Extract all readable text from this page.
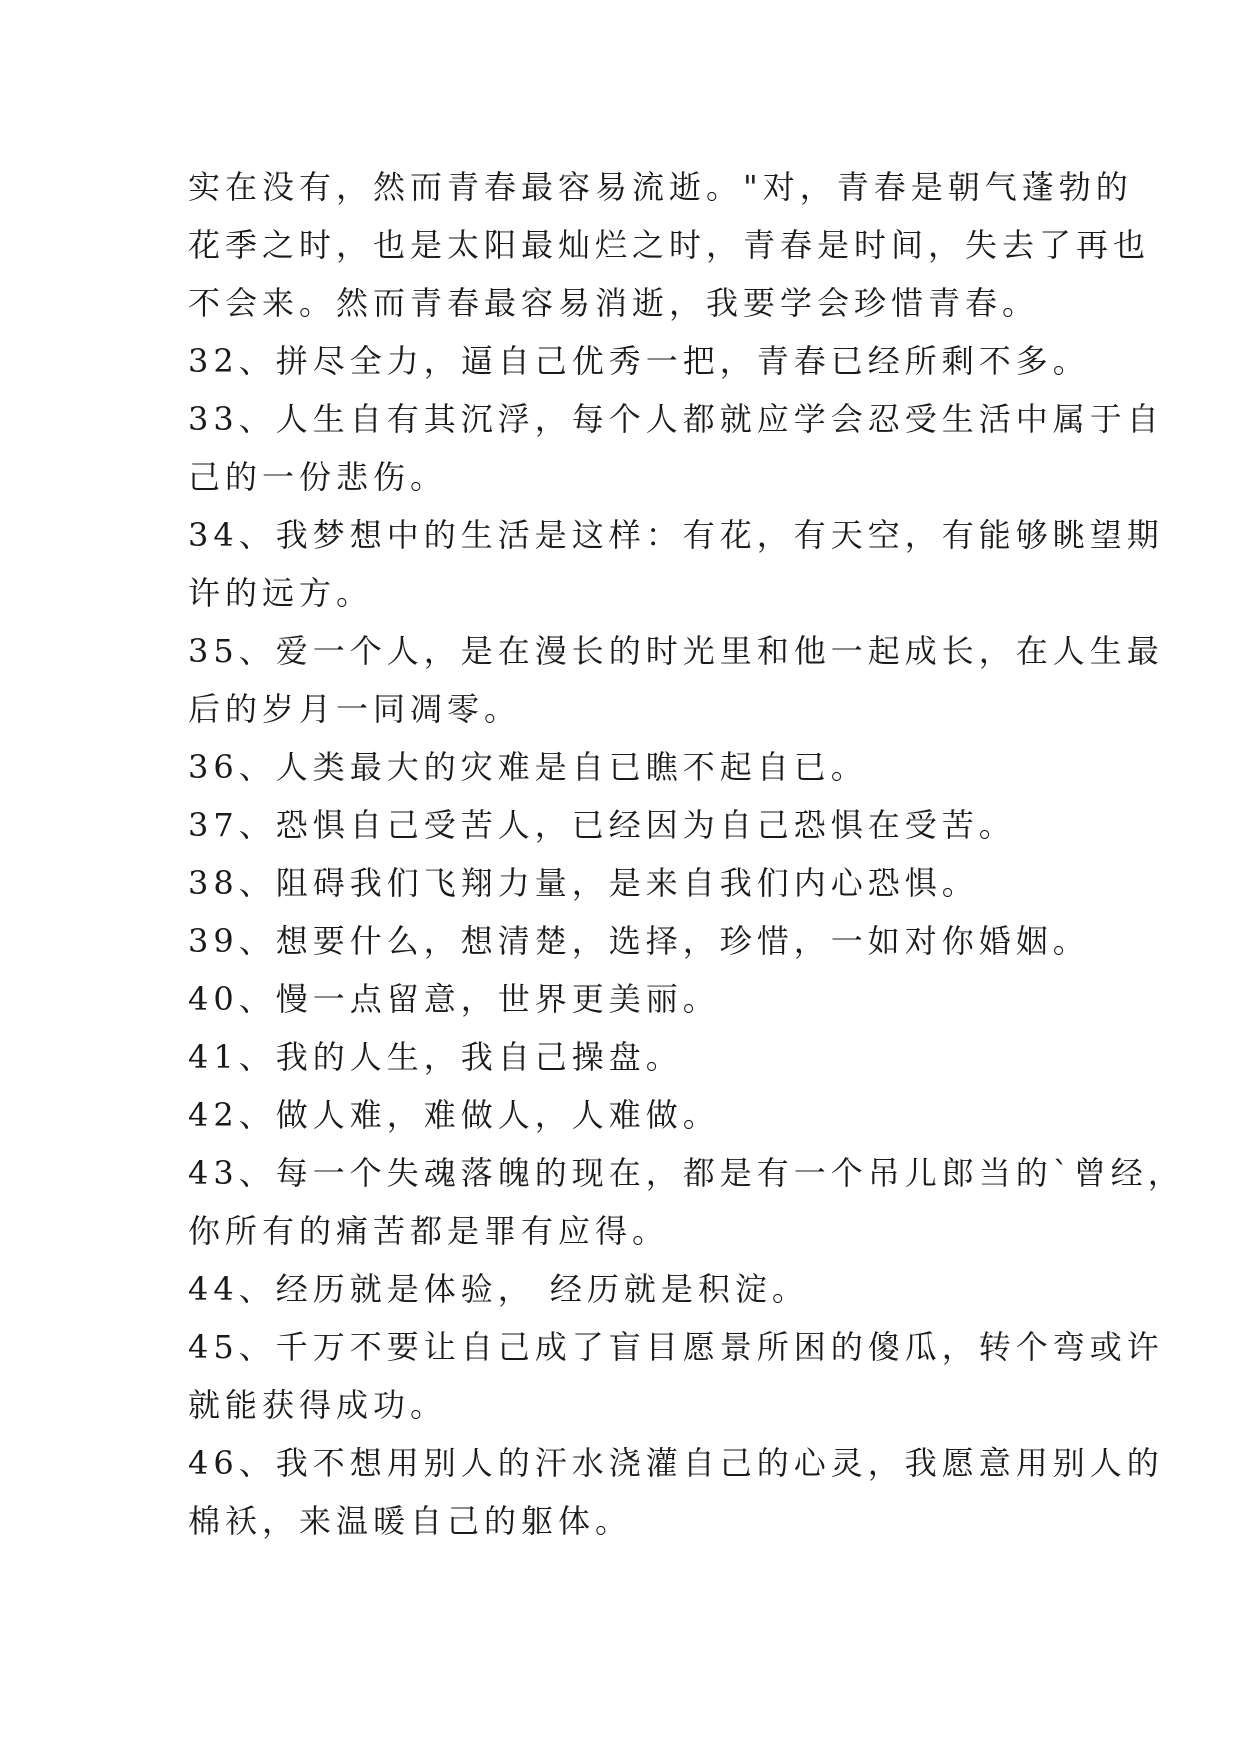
实在没有，然而青春最容易流逝。"对，青春是朝气蓬勃的
花季之时，也是太阳最灿烂之时，青春是时间，失去了再也
不会来。然而青春最容易消逝，我要学会珍惜青春。
32、拼尽全力，逼自己优秀一把，青春已经所剩不多。
33、人生自有其沉浮，每个人都就应学会忍受生活中属于自
己的一份悲伤。
34、我梦想中的生活是这样：有花，有天空，有能够眺望期
许的远方。
35、爱一个人，是在漫长的时光里和他一起成长，在人生最
后的岁月一同凋零。
36、人类最大的灾难是自已瞧不起自已。
37、恐惧自己受苦人，已经因为自己恐惧在受苦。
38、阻碍我们飞翔力量，是来自我们内心恐惧。
39、想要什么，想清楚，选择，珍惜，一如对你婚姻。
40、慢一点留意，世界更美丽。
41、我的人生，我自己操盘。
42、做人难，难做人，人难做。
43、每一个失魂落魄的现在，都是有一个吊儿郎当的`曾经，
你所有的痛苦都是罪有应得。
44、经历就是体验， 经历就是积淀。
45、千万不要让自己成了盲目愿景所困的傻瓜，转个弯或许
就能获得成功。
46、我不想用别人的汗水浇灌自己的心灵，我愿意用别人的
棉袄，来温暖自己的躯体。
